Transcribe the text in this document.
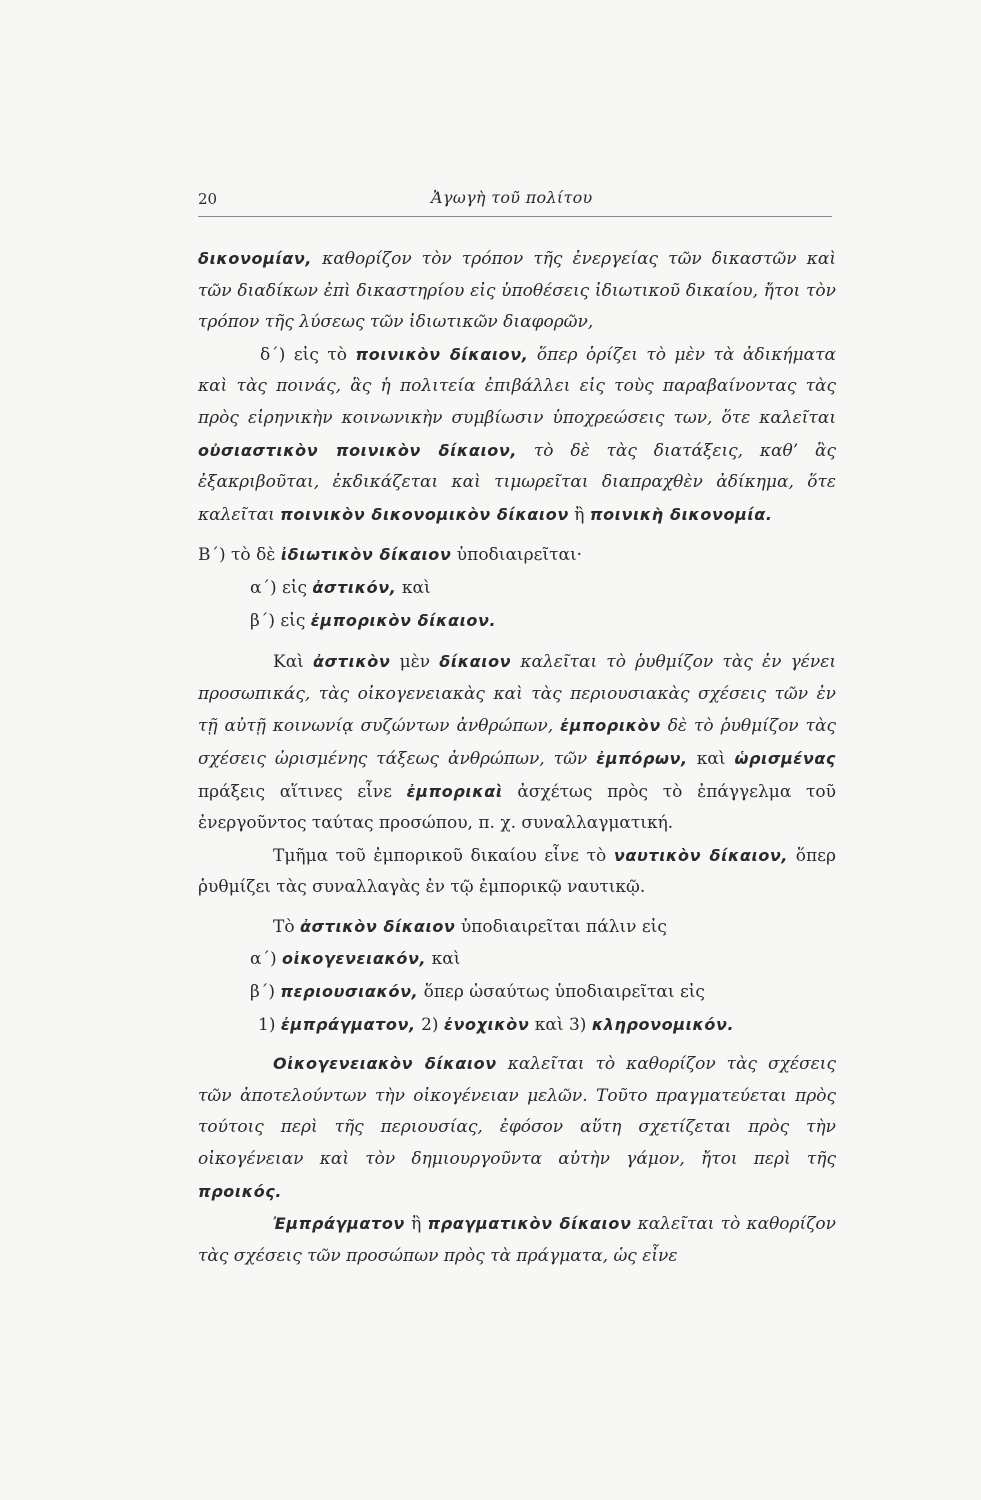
20	Ἀγωγὴ τοῦ πολίτου

δικονομίαν, καθορίζον τὸν τρόπον τῆς ἐνεργείας τῶν δικαστῶν καὶ τῶν διαδίκων ἐπὶ δικαστηρίου εἰς ὑποθέσεις ἰδιωτικοῦ δικαίου, ἤτοι τὸν τρόπον τῆς λύσεως τῶν ἰδιωτικῶν διαφορῶν,

δ΄) εἰς τὸ ποινικὸν δίκαιον, ὅπερ ὁρίζει τὸ μὲν τὰ ἀδικήματα καὶ τὰς ποινάς, ἃς ἡ πολιτεία ἐπιβάλλει εἰς τοὺς παραβαίνοντας τὰς πρὸς εἰρηνικὴν κοινωνικὴν συμβίωσιν ὑποχρεώσεις των, ὅτε καλεῖται οὐσιαστικὸν ποινικὸν δίκαιον, τὸ δὲ τὰς διατάξεις, καθ’ ἃς ἐξακριβοῦται, ἐκδικάζεται καὶ τιμωρεῖται διαπραχθὲν ἀδίκημα, ὅτε καλεῖται ποινικὸν δικονομικὸν δίκαιον ἢ ποινικὴ δικονομία.

Β΄) τὸ δὲ ἰδιωτικὸν δίκαιον ὑποδιαιρεῖται·

α΄) εἰς ἀστικόν, καὶ

β΄) εἰς ἐμπορικὸν δίκαιον.

Καὶ ἀστικὸν μὲν δίκαιον καλεῖται τὸ ῥυθμίζον τὰς ἐν γένει προσωπικάς, τὰς οἰκογενειακὰς καὶ τὰς περιουσιακὰς σχέσεις τῶν ἐν τῇ αὐτῇ κοινωνίᾳ συζώντων ἀνθρώπων, ἐμπορικὸν δὲ τὸ ῥυθμίζον τὰς σχέσεις ὡρισμένης τάξεως ἀνθρώπων, τῶν ἐμπόρων, καὶ ὡρισμένας πράξεις αἵτινες εἶνε ἐμπορικαὶ ἀσχέτως πρὸς τὸ ἐπάγγελμα τοῦ ἐνεργοῦντος ταύτας προσώπου, π. χ. συναλλαγματική.

Τμῆμα τοῦ ἐμπορικοῦ δικαίου εἶνε τὸ ναυτικὸν δίκαιον, ὅπερ ῥυθμίζει τὰς συναλλαγὰς ἐν τῷ ἐμπορικῷ ναυτικῷ.

Τὸ ἀστικὸν δίκαιον ὑποδιαιρεῖται πάλιν εἰς

α΄) οἰκογενειακόν, καὶ

β΄) περιουσιακόν, ὅπερ ὡσαύτως ὑποδιαιρεῖται εἰς

1) ἐμπράγματον, 2) ἐνοχικὸν καὶ 3) κληρονομικόν.

Οἰκογενειακὸν δίκαιον καλεῖται τὸ καθορίζον τὰς σχέσεις τῶν ἀποτελούντων τὴν οἰκογένειαν μελῶν. Τοῦτο πραγματεύεται πρὸς τούτοις περὶ τῆς περιουσίας, ἐφόσον αὕτη σχετίζεται πρὸς τὴν οἰκογένειαν καὶ τὸν δημιουργοῦντα αὐτὴν γάμον, ἤτοι περὶ τῆς προικός.

Ἐμπράγματον ἢ πραγματικὸν δίκαιον καλεῖται τὸ καθορίζον τὰς σχέσεις τῶν προσώπων πρὸς τὰ πράγματα, ὡς εἶνε
